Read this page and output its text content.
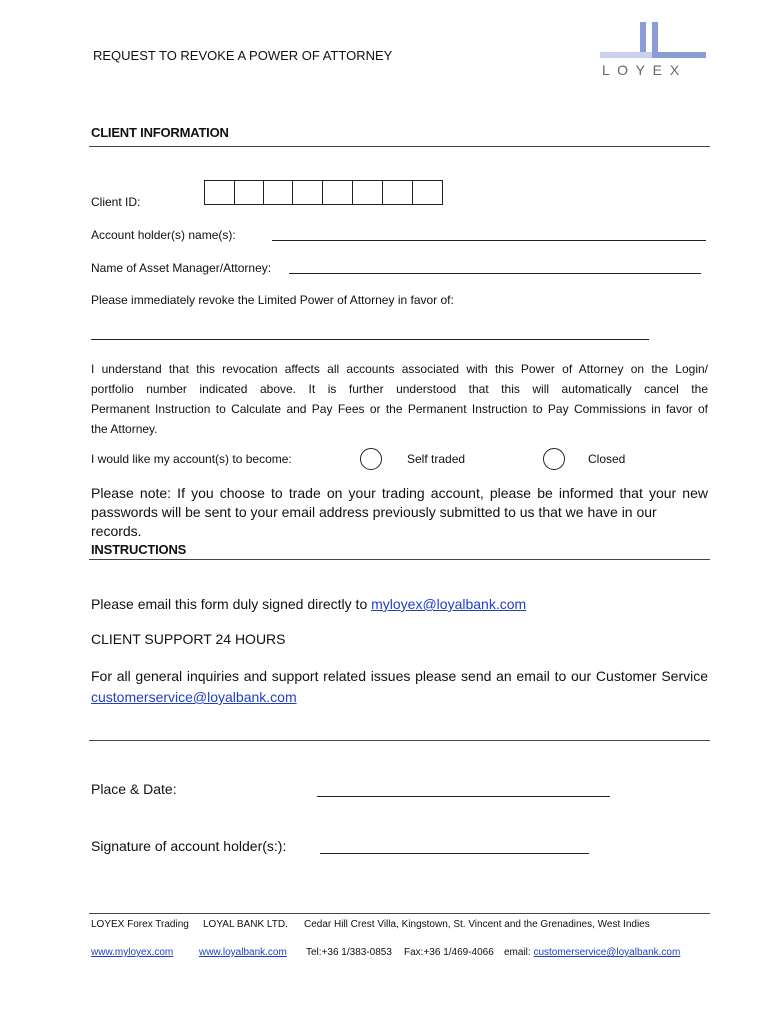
REQUEST TO REVOKE A POWER OF ATTORNEY
L O Y E X
CLIENT INFORMATION
Client ID:
Account holder(s) name(s):
Name of Asset Manager/Attorney:
Please immediately revoke the Limited Power of Attorney in favor of:
I understand that this revocation affects all accounts associated with this Power of Attorney on the Login/
portfolio number indicated above. It is further understood that this will automatically cancel the
Permanent Instruction to Calculate and Pay Fees or the Permanent Instruction to Pay Commissions in favor of
the Attorney.
I would like my account(s) to become:	Self traded	Closed
Please note: If you choose to trade on your trading account, please be informed that your new
passwords will be sent to your email address previously submitted to us that we have in our records.
INSTRUCTIONS
Please email this form duly signed directly to myloyex@loyalbank.com
CLIENT SUPPORT 24 HOURS
For all general inquiries and support related issues please send an email to our Customer Service
customerservice@loyalbank.com
Place & Date:
Signature of account holder(s:):
LOYEX Forex Trading LOYAL BANK LTD. Cedar Hill Crest Villa, Kingstown, St. Vincent and the Grenadines, West Indies
www.myloyex.com	www.loyalbank.com Tel:+36 1/383-0853 Fax:+36 1/469-4066 email: customerservice@loyalbank.com
